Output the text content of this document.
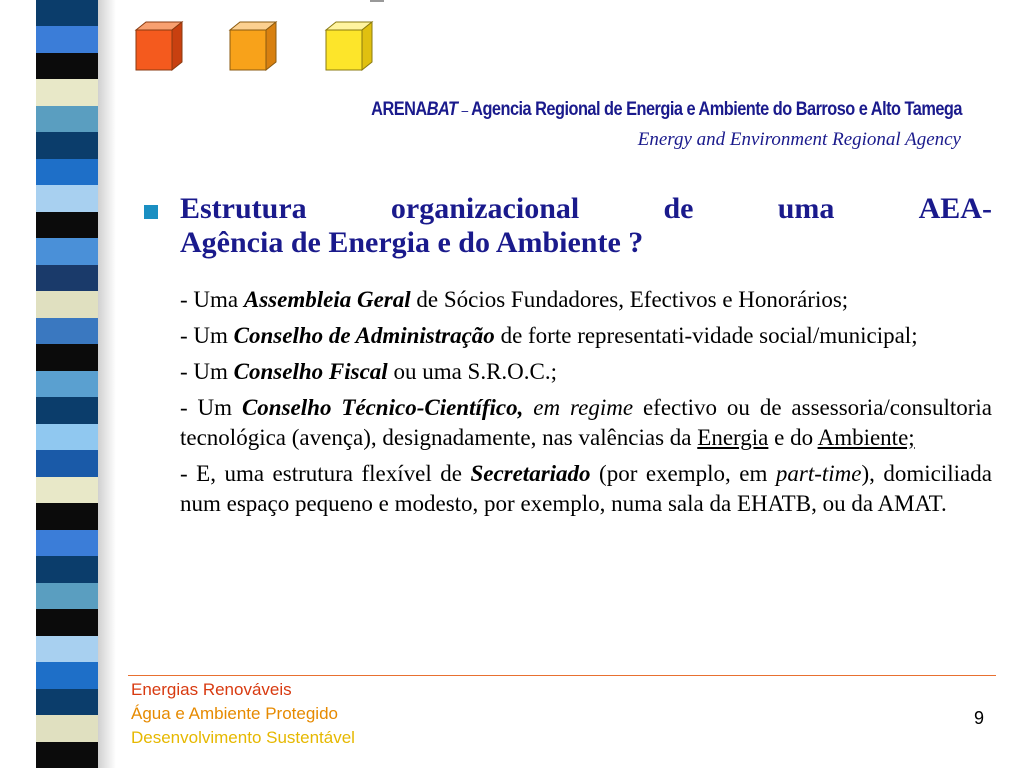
ARENABAT – Agencia Regional de Energia e Ambiente do Barroso e Alto Tamega
Energy and Environment Regional Agency
Estrutura	organizacional	de	uma	AEA-
Agência de Energia e do Ambiente ?

- Uma Assembleia Geral de Sócios Fundadores, Efectivos e Honorários;

- Um Conselho de Administração de forte representati-vidade social/municipal;

- Um Conselho Fiscal ou uma S.R.O.C.;

- Um Conselho Técnico-Científico, em regime efectivo ou de assessoria/consultoria tecnológica (avença), designadamente, nas valências da Energia e do Ambiente;

- E, uma estrutura flexível de Secretariado (por exemplo, em part-time), domiciliada num espaço pequeno e modesto, por exemplo, numa sala da EHATB, ou da AMAT.

Energias Renováveis
Água e Ambiente Protegido
Desenvolvimento Sustentável
9
